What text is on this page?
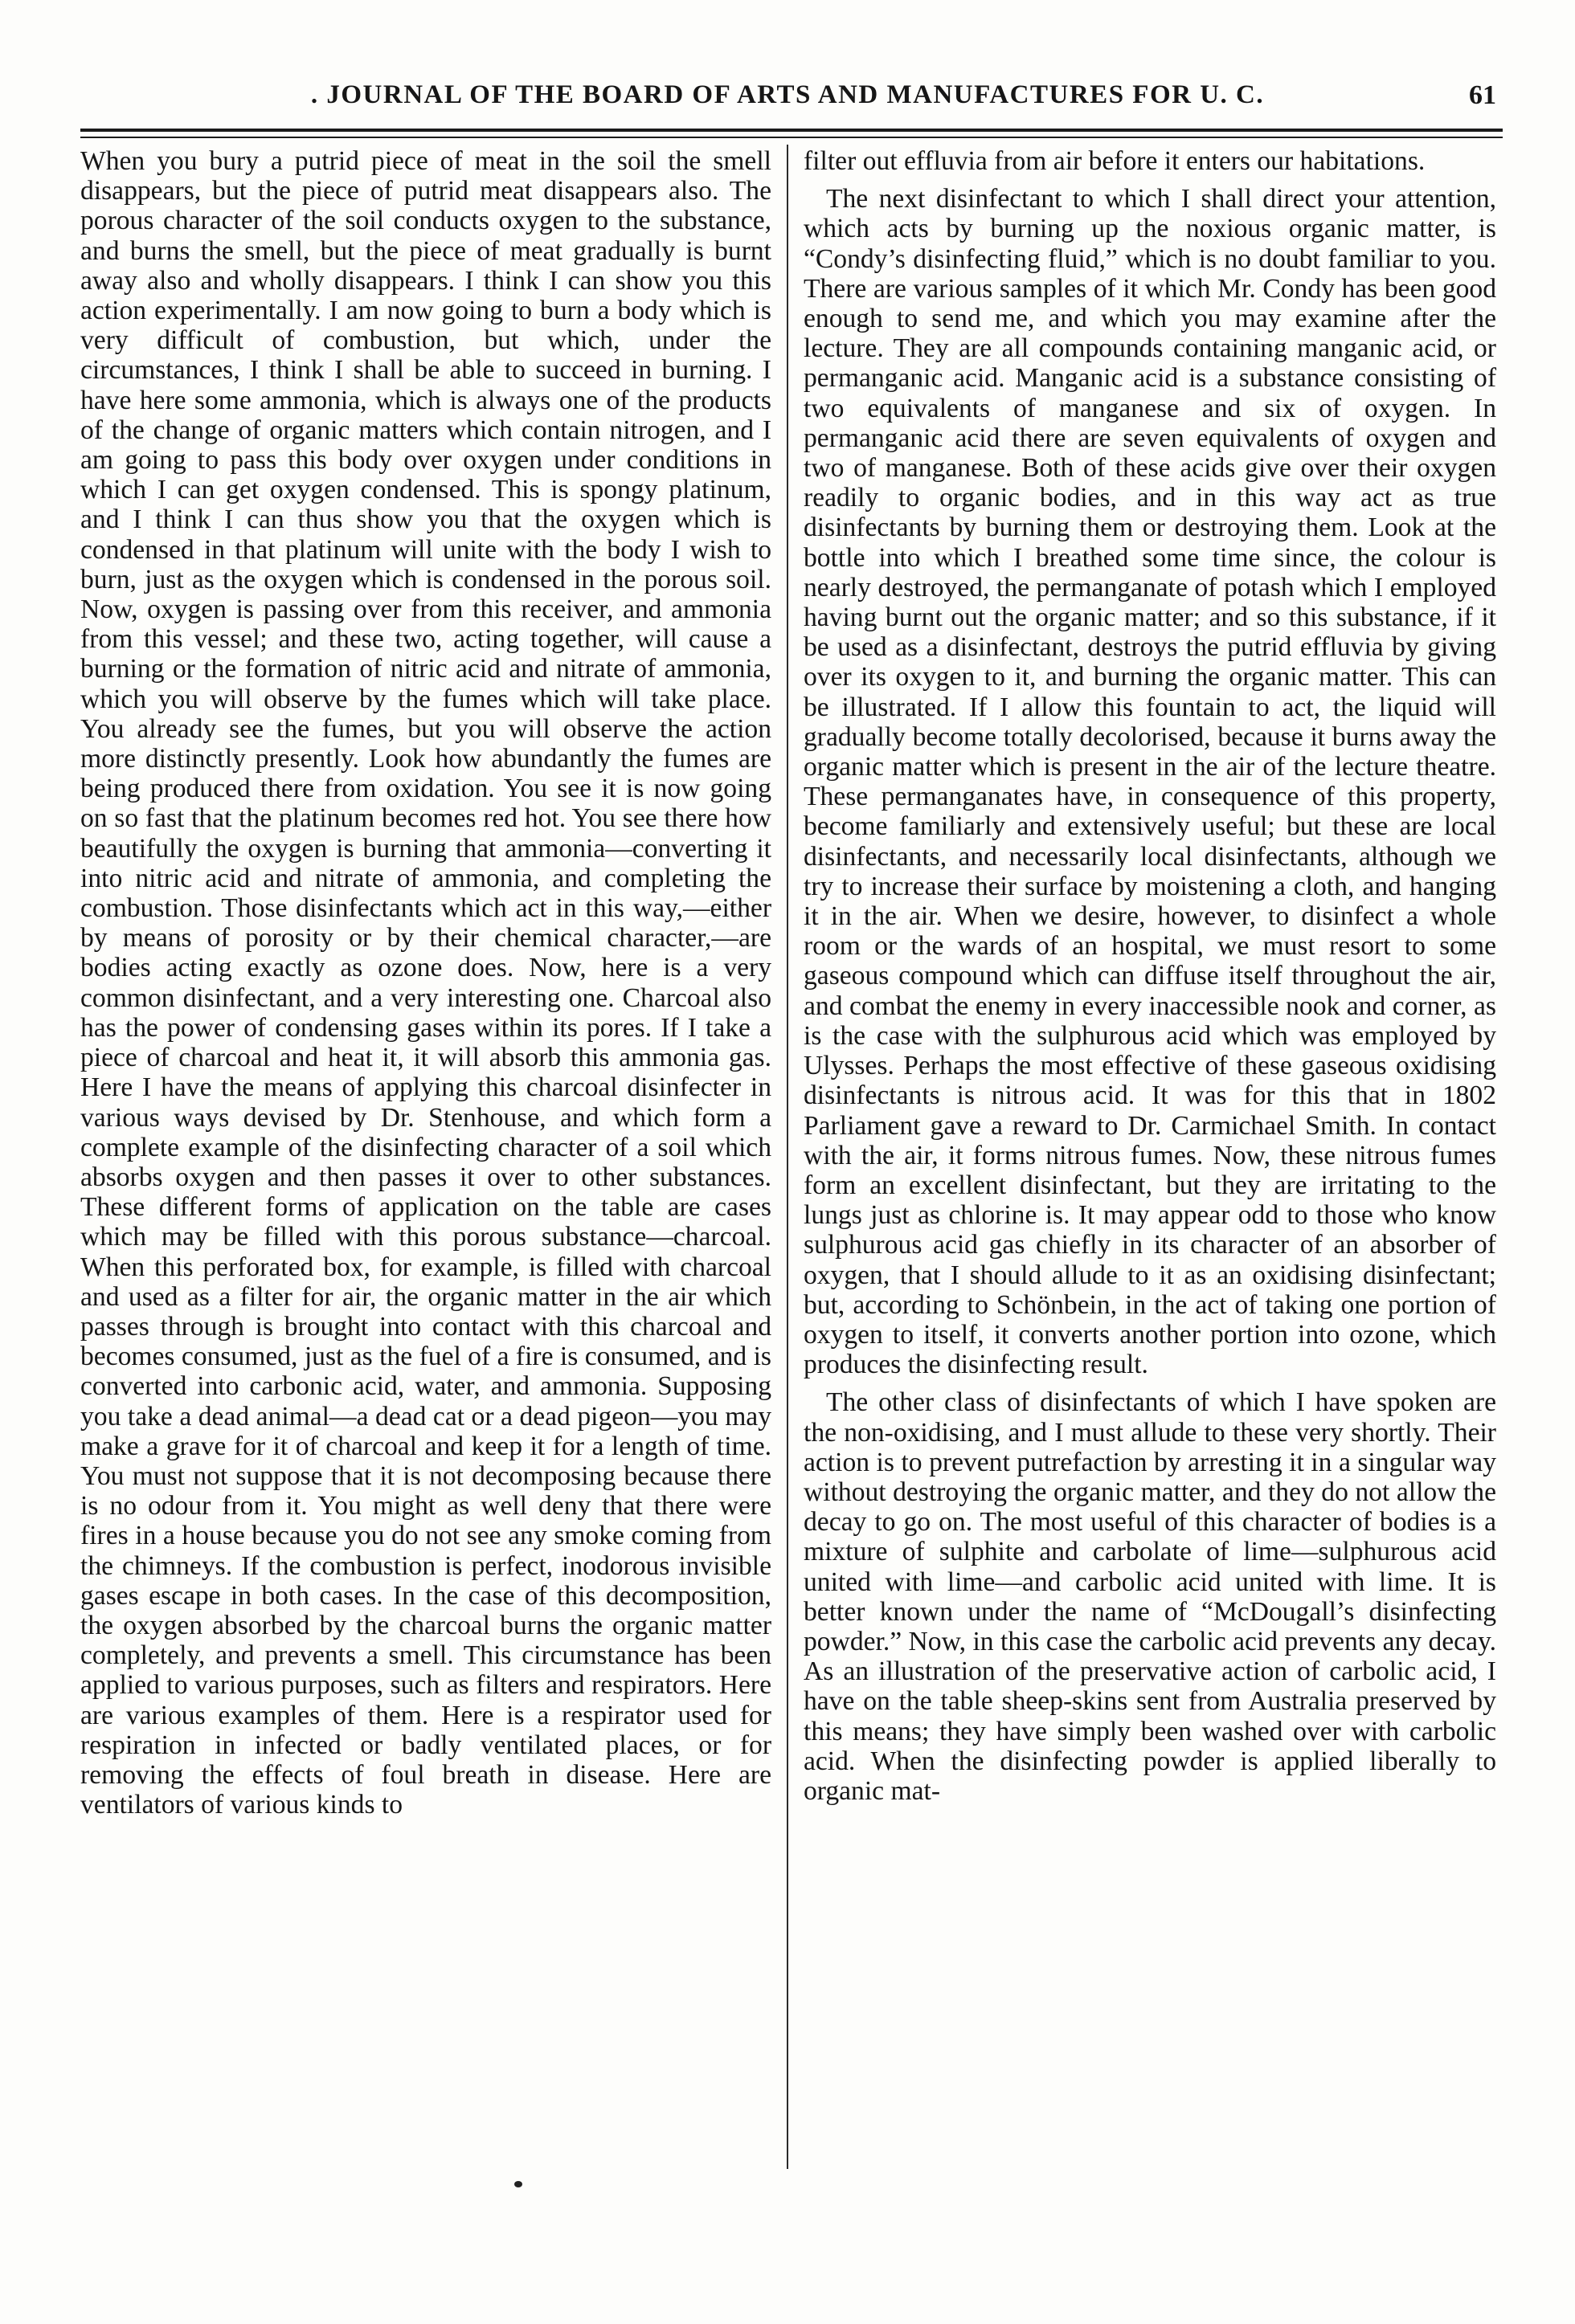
. JOURNAL OF THE BOARD OF ARTS AND MANUFACTURES FOR U. C.	61

When you bury a putrid piece of meat in the soil the smell disappears, but the piece of putrid meat disappears also. The porous character of the soil conducts oxygen to the substance, and burns the smell, but the piece of meat gradually is burnt away also and wholly disappears. I think I can show you this action experimentally. I am now going to burn a body which is very difficult of combustion, but which, under the circumstances, I think I shall be able to succeed in burning. I have here some ammonia, which is always one of the products of the change of organic matters which contain nitrogen, and I am going to pass this body over oxygen under conditions in which I can get oxygen condensed. This is spongy platinum, and I think I can thus show you that the oxygen which is condensed in that platinum will unite with the body I wish to burn, just as the oxygen which is condensed in the porous soil. Now, oxygen is passing over from this receiver, and ammonia from this vessel; and these two, acting together, will cause a burning or the formation of nitric acid and nitrate of ammonia, which you will observe by the fumes which will take place. You already see the fumes, but you will observe the action more distinctly presently. Look how abundantly the fumes are being produced there from oxidation. You see it is now going on so fast that the platinum becomes red hot. You see there how beautifully the oxygen is burning that ammonia—converting it into nitric acid and nitrate of ammonia, and completing the combustion. Those disinfectants which act in this way,—either by means of porosity or by their chemical character,—are bodies acting exactly as ozone does. Now, here is a very common disinfectant, and a very interesting one. Charcoal also has the power of condensing gases within its pores. If I take a piece of charcoal and heat it, it will absorb this ammonia gas. Here I have the means of applying this charcoal disinfecter in various ways devised by Dr. Stenhouse, and which form a complete example of the disinfecting character of a soil which absorbs oxygen and then passes it over to other substances. These different forms of application on the table are cases which may be filled with this porous substance—charcoal. When this perforated box, for example, is filled with charcoal and used as a filter for air, the organic matter in the air which passes through is brought into contact with this charcoal and becomes consumed, just as the fuel of a fire is consumed, and is converted into carbonic acid, water, and ammonia. Supposing you take a dead animal—a dead cat or a dead pigeon—you may make a grave for it of charcoal and keep it for a length of time. You must not suppose that it is not decomposing because there is no odour from it. You might as well deny that there were fires in a house because you do not see any smoke coming from the chimneys. If the combustion is perfect, inodorous invisible gases escape in both cases. In the case of this decomposition, the oxygen absorbed by the charcoal burns the organic matter completely, and prevents a smell. This circumstance has been applied to various purposes, such as filters and respirators. Here are various examples of them. Here is a respirator used for respiration in infected or badly ventilated places, or for removing the effects of foul breath in disease. Here are ventilators of various kinds to

filter out effluvia from air before it enters our habitations.

The next disinfectant to which I shall direct your attention, which acts by burning up the noxious organic matter, is “Condy’s disinfecting fluid,” which is no doubt familiar to you. There are various samples of it which Mr. Condy has been good enough to send me, and which you may examine after the lecture. They are all compounds containing manganic acid, or permanganic acid. Manganic acid is a substance consisting of two equivalents of manganese and six of oxygen. In permanganic acid there are seven equivalents of oxygen and two of manganese. Both of these acids give over their oxygen readily to organic bodies, and in this way act as true disinfectants by burning them or destroying them. Look at the bottle into which I breathed some time since, the colour is nearly destroyed, the permanganate of potash which I employed having burnt out the organic matter; and so this substance, if it be used as a disinfectant, destroys the putrid effluvia by giving over its oxygen to it, and burning the organic matter. This can be illustrated. If I allow this fountain to act, the liquid will gradually become totally decolorised, because it burns away the organic matter which is present in the air of the lecture theatre. These permanganates have, in consequence of this property, become familiarly and extensively useful; but these are local disinfectants, and necessarily local disinfectants, although we try to increase their surface by moistening a cloth, and hanging it in the air. When we desire, however, to disinfect a whole room or the wards of an hospital, we must resort to some gaseous compound which can diffuse itself throughout the air, and combat the enemy in every inaccessible nook and corner, as is the case with the sulphurous acid which was employed by Ulysses. Perhaps the most effective of these gaseous oxidising disinfectants is nitrous acid. It was for this that in 1802 Parliament gave a reward to Dr. Carmichael Smith. In contact with the air, it forms nitrous fumes. Now, these nitrous fumes form an excellent disinfectant, but they are irritating to the lungs just as chlorine is. It may appear odd to those who know sulphurous acid gas chiefly in its character of an absorber of oxygen, that I should allude to it as an oxidising disinfectant; but, according to Schönbein, in the act of taking one portion of oxygen to itself, it converts another portion into ozone, which produces the disinfecting result.

The other class of disinfectants of which I have spoken are the non-oxidising, and I must allude to these very shortly. Their action is to prevent putrefaction by arresting it in a singular way without destroying the organic matter, and they do not allow the decay to go on. The most useful of this character of bodies is a mixture of sulphite and carbolate of lime—sulphurous acid united with lime—and carbolic acid united with lime. It is better known under the name of “McDougall’s disinfecting powder.” Now, in this case the carbolic acid prevents any decay. As an illustration of the preservative action of carbolic acid, I have on the table sheep-skins sent from Australia preserved by this means; they have simply been washed over with carbolic acid. When the disinfecting powder is applied liberally to organic mat-
